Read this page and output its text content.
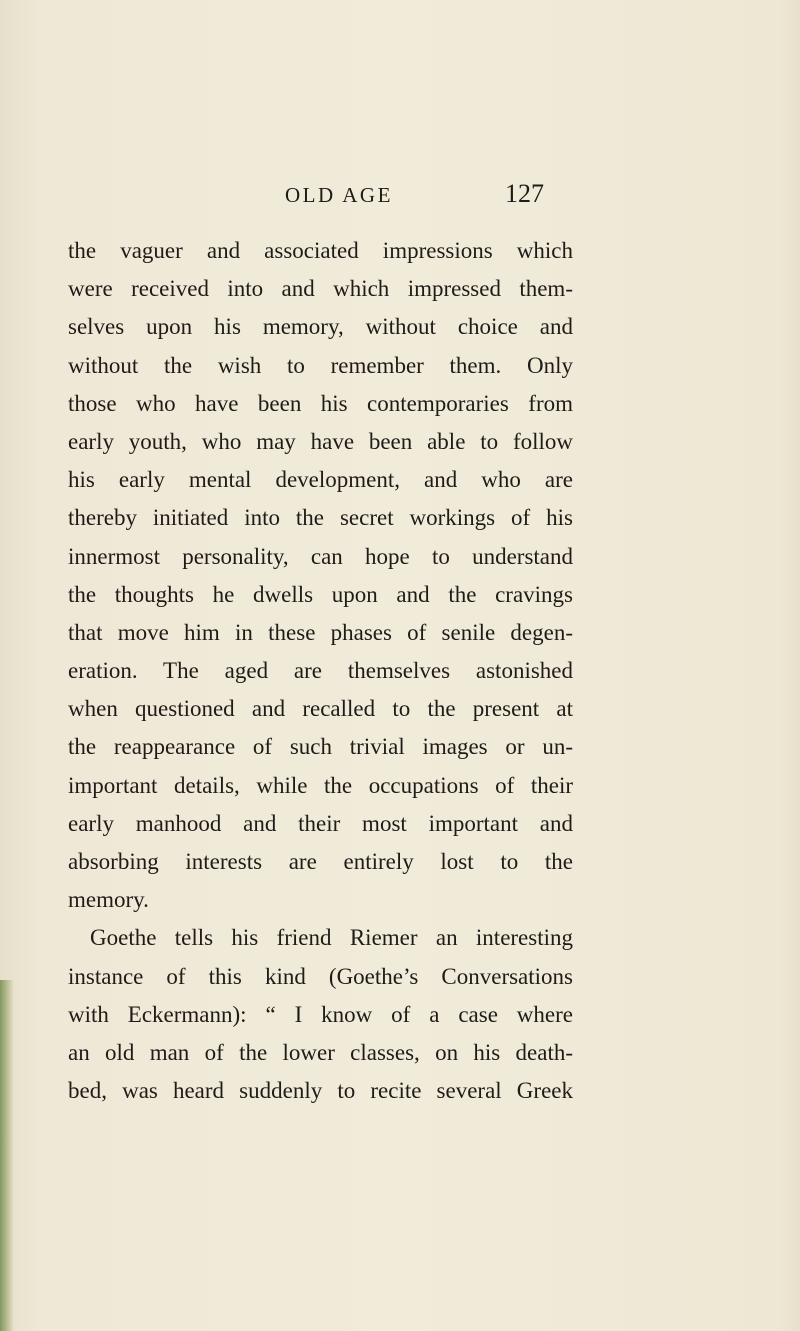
OLD AGE	127
the vaguer and associated impressions which
were received into and which impressed them-
selves upon his memory, without choice and
without the wish to remember them. Only
those who have been his contemporaries from
early youth, who may have been able to follow
his early mental development, and who are
thereby initiated into the secret workings of his
innermost personality, can hope to understand
the thoughts he dwells upon and the cravings
that move him in these phases of senile degen-
eration. The aged are themselves astonished
when questioned and recalled to the present at
the reappearance of such trivial images or un-
important details, while the occupations of their
early manhood and their most important and
absorbing interests are entirely lost to the
memory.
Goethe tells his friend Riemer an interesting
instance of this kind (Goethe’s Conversations
with Eckermann): “ I know of a case where
an old man of the lower classes, on his death-
bed, was heard suddenly to recite several Greek
